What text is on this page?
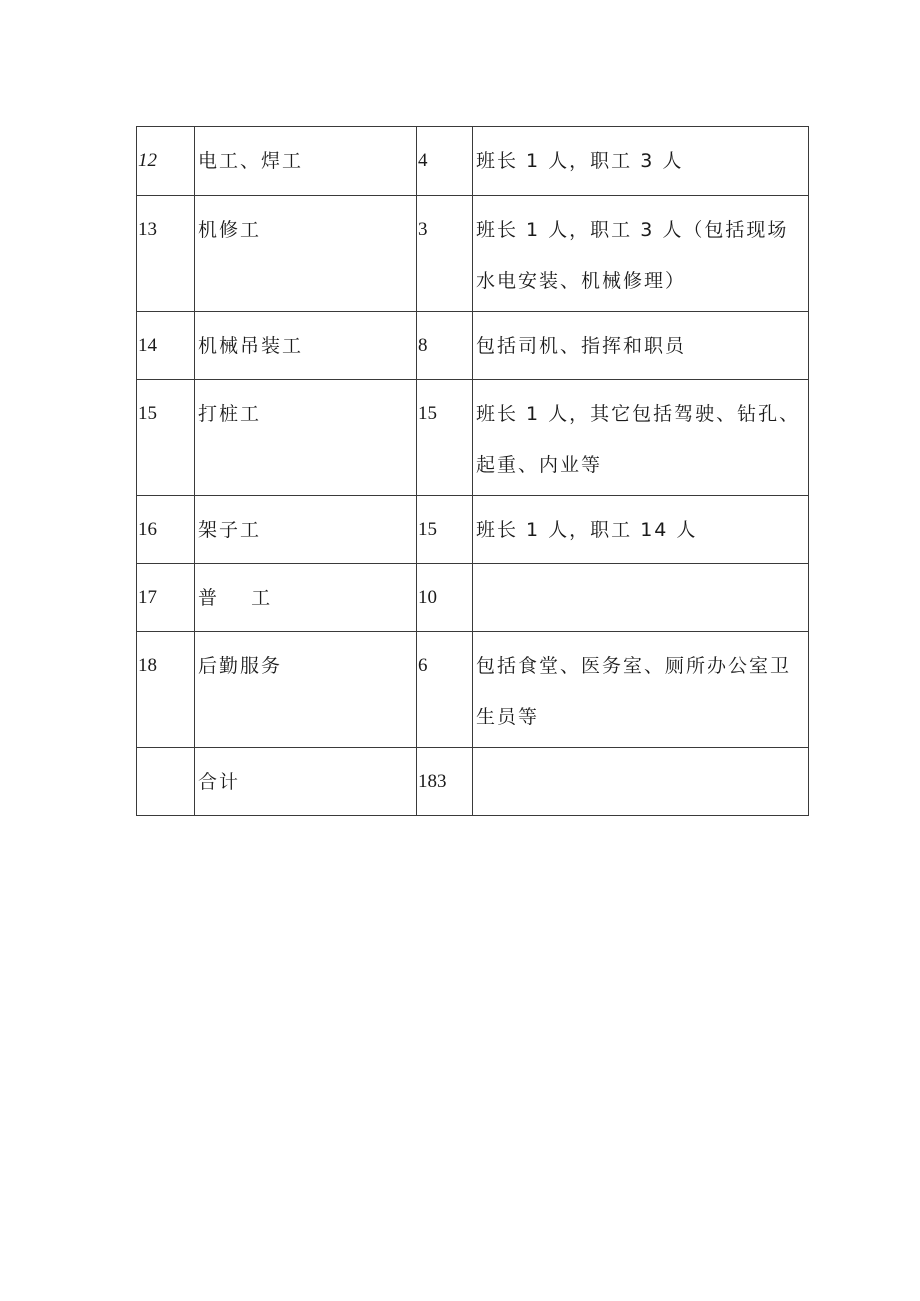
12	电工、焊工	4	班长 1 人，职工 3 人

13	机修工	3	班长 1 人，职工 3 人（包括现场水电安装、机械修理）

14	机械吊装工	8	包括司机、指挥和职员

15	打桩工	15	班长 1 人，其它包括驾驶、钻孔、起重、内业等

16	架子工	15	班长 1 人，职工 14 人

17	普    工	10	

18	后勤服务	6	包括食堂、医务室、厕所办公室卫生员等

	合计	183	
